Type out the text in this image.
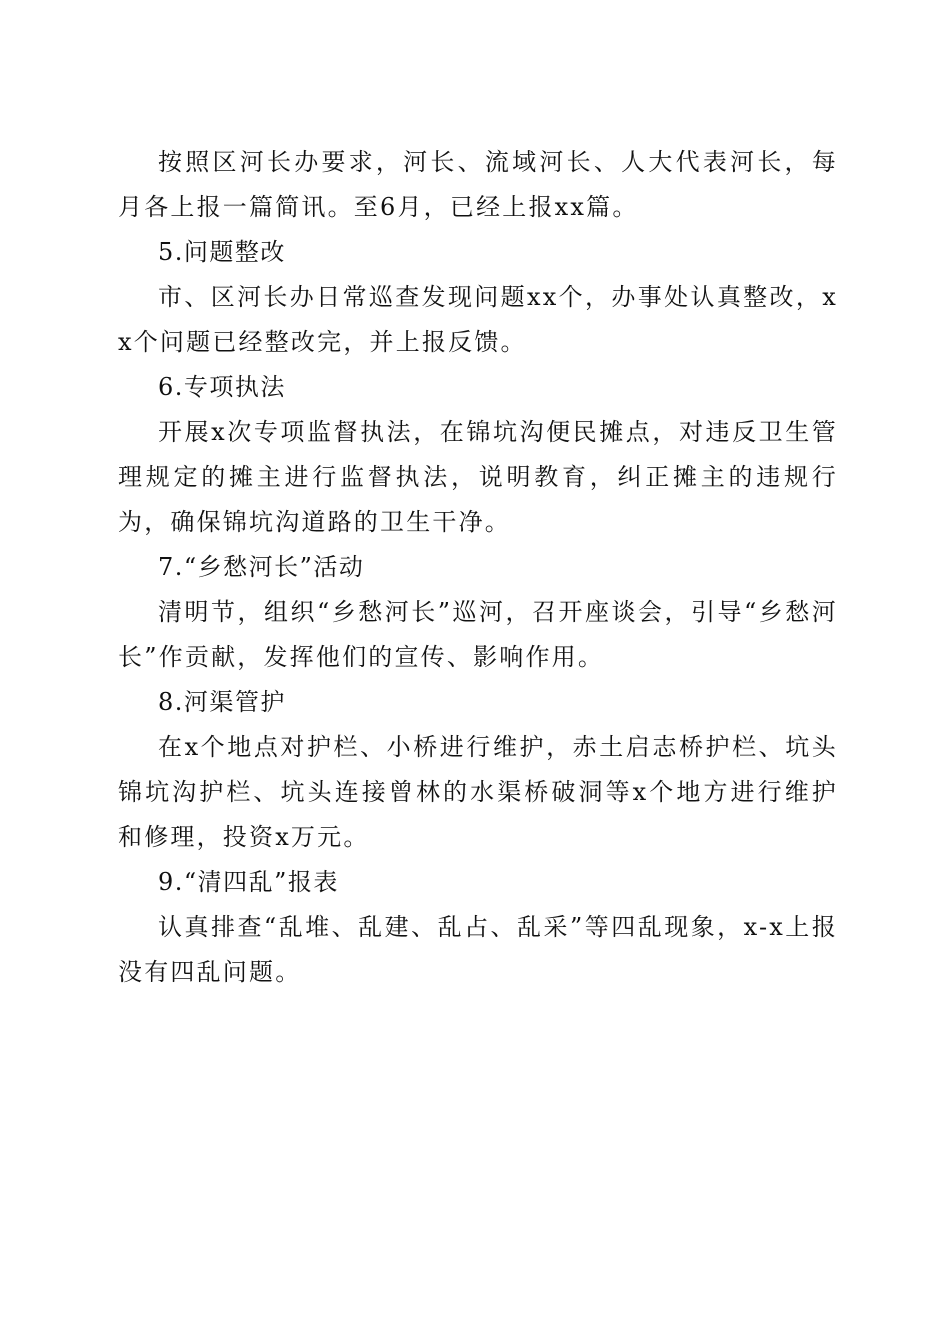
按照区河长办要求，河长、流域河长、人大代表河长，每月各上报一篇简讯。至6月，已经上报xx篇。

5.问题整改

市、区河长办日常巡查发现问题xx个，办事处认真整改，xx个问题已经整改完，并上报反馈。

6.专项执法

开展x次专项监督执法，在锦坑沟便民摊点，对违反卫生管理规定的摊主进行监督执法，说明教育，纠正摊主的违规行为，确保锦坑沟道路的卫生干净。

7.“乡愁河长”活动

清明节，组织“乡愁河长”巡河，召开座谈会，引导“乡愁河长”作贡献，发挥他们的宣传、影响作用。

8.河渠管护

在x个地点对护栏、小桥进行维护，赤土启志桥护栏、坑头锦坑沟护栏、坑头连接曾林的水渠桥破洞等x个地方进行维护和修理，投资x万元。

9.“清四乱”报表

认真排查“乱堆、乱建、乱占、乱采”等四乱现象，x-x上报没有四乱问题。
